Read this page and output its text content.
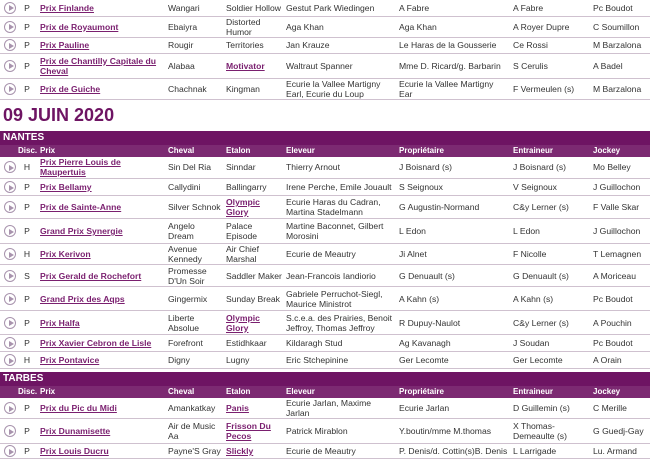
	P	Prix Finlande	Wangari	Soldier Hollow	Gestut Park Wiedingen	A Fabre	A Fabre	Pc Boudot
	P	Prix de Royaumont	Ebaiyra	Distorted Humor	Aga Khan	Aga Khan	A Royer Dupre	C Soumillon
	P	Prix Pauline	Rougir	Territories	Jan Krauze	Le Haras de la Gousserie	Ce Rossi	M Barzalona
	P	Prix de Chantilly Capitale du Cheval	Alabaa	Motivator	Waltraut Spanner	Mme D. Ricard/g. Barbarin	S Cerulis	A Badel
	P	Prix de Guiche	Chachnak	Kingman	Ecurie la Vallee Martigny Earl, Ecurie du Loup	Ecurie la Vallee Martigny Ear	F Vermeulen (s)	M Barzalona
09 JUIN 2020								
NANTES								
	Disc.	Prix	Cheval	Etalon	Eleveur	Propriétaire	Entraineur	Jockey
	H	Prix Pierre Louis de Maupertuis	Sin Del Ria	Sinndar	Thierry Arnout	J Boisnard (s)	J Boisnard (s)	Mo Belley
	P	Prix Bellamy	Callydini	Ballingarry	Irene Perche, Emile Jouault	S Seignoux	V Seignoux	J Guillochon
	P	Prix de Sainte-Anne	Silver Schnok	Olympic Glory	Ecurie Haras du Cadran, Martina Stadelmann	G Augustin-Normand	C&y Lerner (s)	F Valle Skar
	P	Grand Prix Synergie	Angelo Dream	Palace Episode	Martine Baconnet, Gilbert Morosini	L Edon	L Edon	J Guillochon
	H	Prix Kerivon	Avenue Kennedy	Air Chief Marshal	Ecurie de Meautry	Ji Alnet	F Nicolle	T Lemagnen
	S	Prix Gerald de Rochefort	Promesse D'Un Soir	Saddler Maker	Jean-Francois Iandiorio	G Denuault (s)	G Denuault (s)	A Moriceau
	P	Grand Prix des Aqps	Gingermix	Sunday Break	Gabriele Perruchot-Siegl, Maurice Ministrot	A Kahn (s)	A Kahn (s)	Pc Boudot
	P	Prix Halfa	Liberte Absolue	Olympic Glory	S.c.e.a. des Prairies, Benoit Jeffroy, Thomas Jeffroy	R Dupuy-Naulot	C&y Lerner (s)	A Pouchin
	P	Prix Xavier Cebron de Lisle	Forefront	Estidhkaar	Kildaragh Stud	Ag Kavanagh	J Soudan	Pc Boudot
	H	Prix Pontavice	Digny	Lugny	Eric Stchepinine	Ger Lecomte	Ger Lecomte	A Orain

TARBES								
	Disc.	Prix	Cheval	Etalon	Eleveur	Propriétaire	Entraineur	Jockey
	P	Prix du Pic du Midi	Amankatkay	Panis	Ecurie Jarlan, Maxime Jarlan	Ecurie Jarlan	D Guillemin (s)	C Merille
	P	Prix Dunamisette	Air de Music Aa	Frisson Du Pecos	Patrick Mirablon	Y.boutin/mme M.thomas	X Thomas-Demeaulte (s)	G Guedj-Gay
	P	Prix Louis Ducru	Payne'S Gray	Slickly	Ecurie de Meautry	P. Denis/d. Cottin(s)B. Denis	L Larrigade	Lu. Armand
